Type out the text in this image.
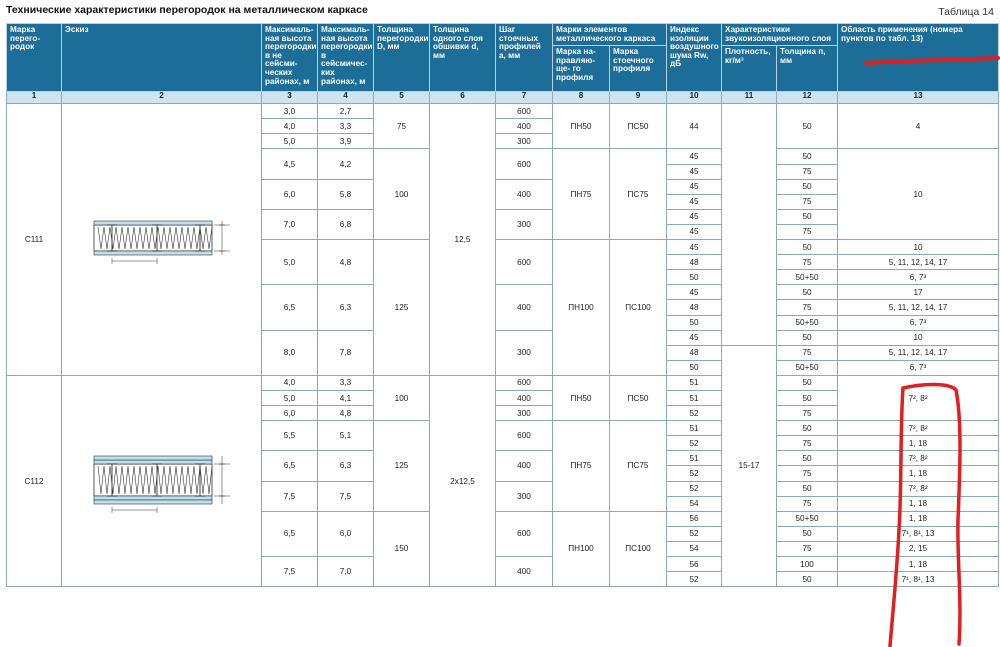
Технические характеристики перегородок на металлическом каркасе	Таблица 14
Марка перего- родок	Эскиз	Максималь- ная высота перегородки в не сейсми- ческих районах, м	Максималь- ная высота перегородки в сейсмичес- ких районах, м	Толщина перегородки D, мм	Толщина одного слоя обшивки d, мм	Шаг стоечных профилей a, мм	Марки элементов металлического каркаса		Индекс изоляции воздушного шума Rw, дБ	Характеристики звукоизоляционного слоя		Область применения (номера пунктов по табл. 13)
							Марка на- правляю-ще- го профиля	Марка стоечного профиля		Плотность, кг/м³	Толщина п, мм	
1	2	3	4	5	6	7	8	9	10	11	12	13
С111		3,0	2,7	75	12,5	600	ПН50	ПС50	44		50	4
		4,0	3,3			400						
		5,0	3,9			300						
		4,5	4,2	100		600	ПН75	ПС75	45		50	10
									45		75	
		6,0	5,8			400			45		50	
									45		75	
		7,0	6,8			300			45		50	
									45		75	
		5,0	4,8	125		600	ПН100	ПС100	45		50	10
									48		75	5, 11, 12, 14, 17
									50		50+50	6, 7³
		6,5	6,3			400			45		50	17
									48		75	5, 11, 12, 14, 17
									50		50+50	6, 7³
		8,0	7,8			300			45		50	10
									48	15-17	75	5, 11, 12, 14, 17
									50		50+50	6, 7³
С112		4,0	3,3	100	2x12,5	600	ПН50	ПС50	51		50	7², 8²
		5,0	4,1			400			51		50	
		6,0	4,8			300			52		75	
		5,5	5,1	125		600	ПН75	ПС75	51		50	7², 8²
									52		75	1, 18
		6,5	6,3			400			51		50	7², 8²
									52		75	1, 18
		7,5	7,5			300			52		50	7², 8²
									54		75	1, 18
		6,5	6,0	150		600	ПН100	ПС100	56		50+50	1, 18
									52		50	7¹, 8¹, 13
									54		75	2, 15
		7,5	7,0			400			56		100	1, 18
									52		50	7¹, 8¹, 13
